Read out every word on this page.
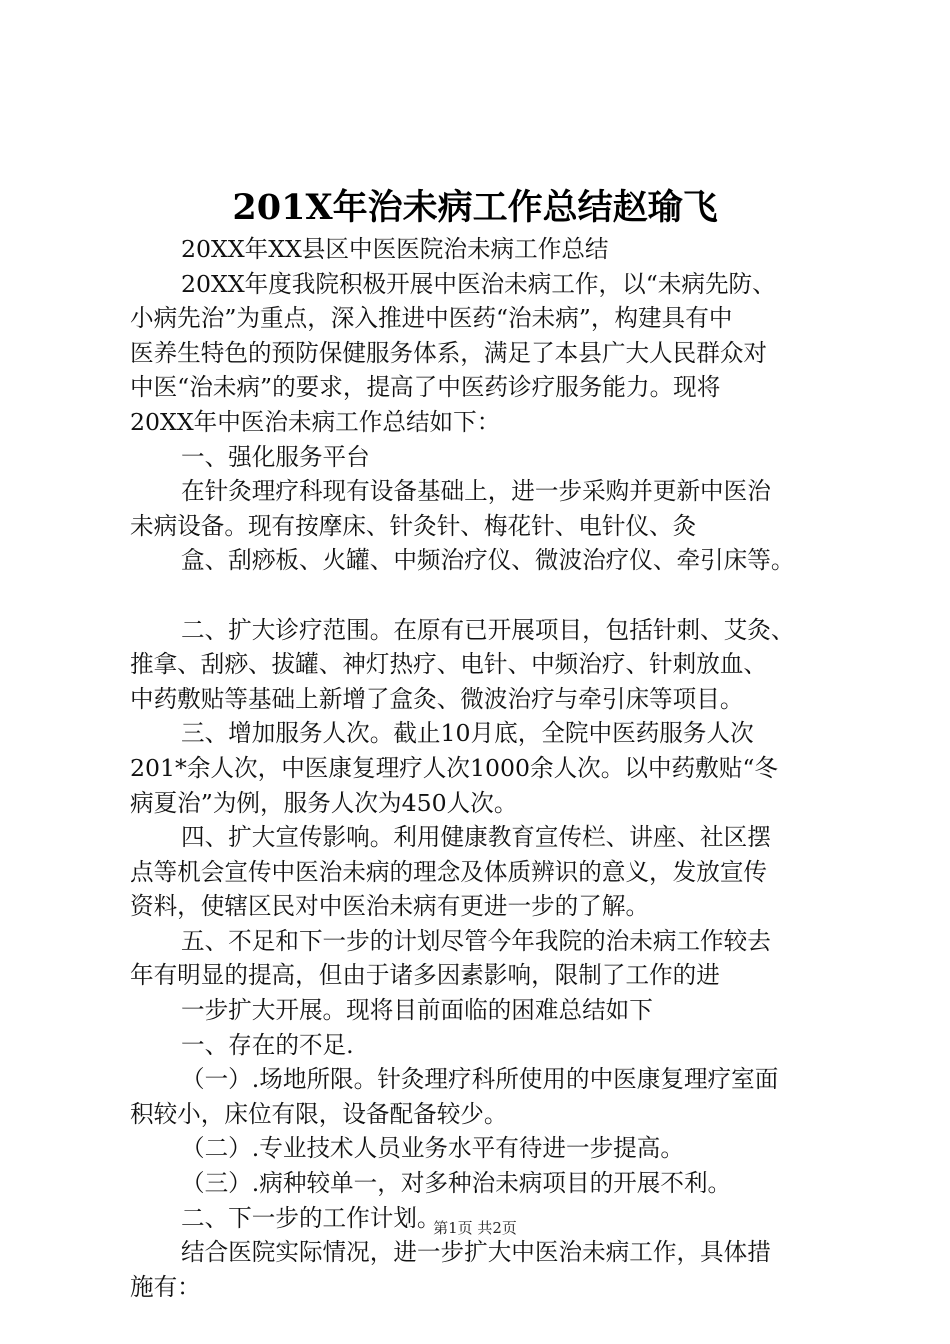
201X年治未病工作总结赵瑜飞

20XX年XX县区中医医院治未病工作总结

20XX年度我院积极开展中医治未病工作，以“未病先防、

小病先治”为重点，深入推进中医药“治未病”，构建具有中

医养生特色的预防保健服务体系，满足了本县广大人民群众对

中医“治未病”的要求，提高了中医药诊疗服务能力。现将

20XX年中医治未病工作总结如下：

一、强化服务平台

在针灸理疗科现有设备基础上，进一步采购并更新中医治

未病设备。现有按摩床、针灸针、梅花针、电针仪、灸

盒、刮痧板、火罐、中频治疗仪、微波治疗仪、牵引床等。

二、扩大诊疗范围。在原有已开展项目，包括针刺、艾灸、

推拿、刮痧、拔罐、神灯热疗、电针、中频治疗、针刺放血、

中药敷贴等基础上新增了盒灸、微波治疗与牵引床等项目。

三、增加服务人次。截止10月底，全院中医药服务人次

201*余人次，中医康复理疗人次1000余人次。以中药敷贴“冬

病夏治”为例，服务人次为450人次。

四、扩大宣传影响。利用健康教育宣传栏、讲座、社区摆

点等机会宣传中医治未病的理念及体质辨识的意义，发放宣传

资料，使辖区民对中医治未病有更进一步的了解。

五、不足和下一步的计划尽管今年我院的治未病工作较去

年有明显的提高，但由于诸多因素影响，限制了工作的进

一步扩大开展。现将目前面临的困难总结如下

一、存在的不足.

（一）.场地所限。针灸理疗科所使用的中医康复理疗室面

积较小，床位有限，设备配备较少。

（二）.专业技术人员业务水平有待进一步提高。

（三）.病种较单一，对多种治未病项目的开展不利。

二、下一步的工作计划。

结合医院实际情况，进一步扩大中医治未病工作，具体措

施有：

第1页 共2页
